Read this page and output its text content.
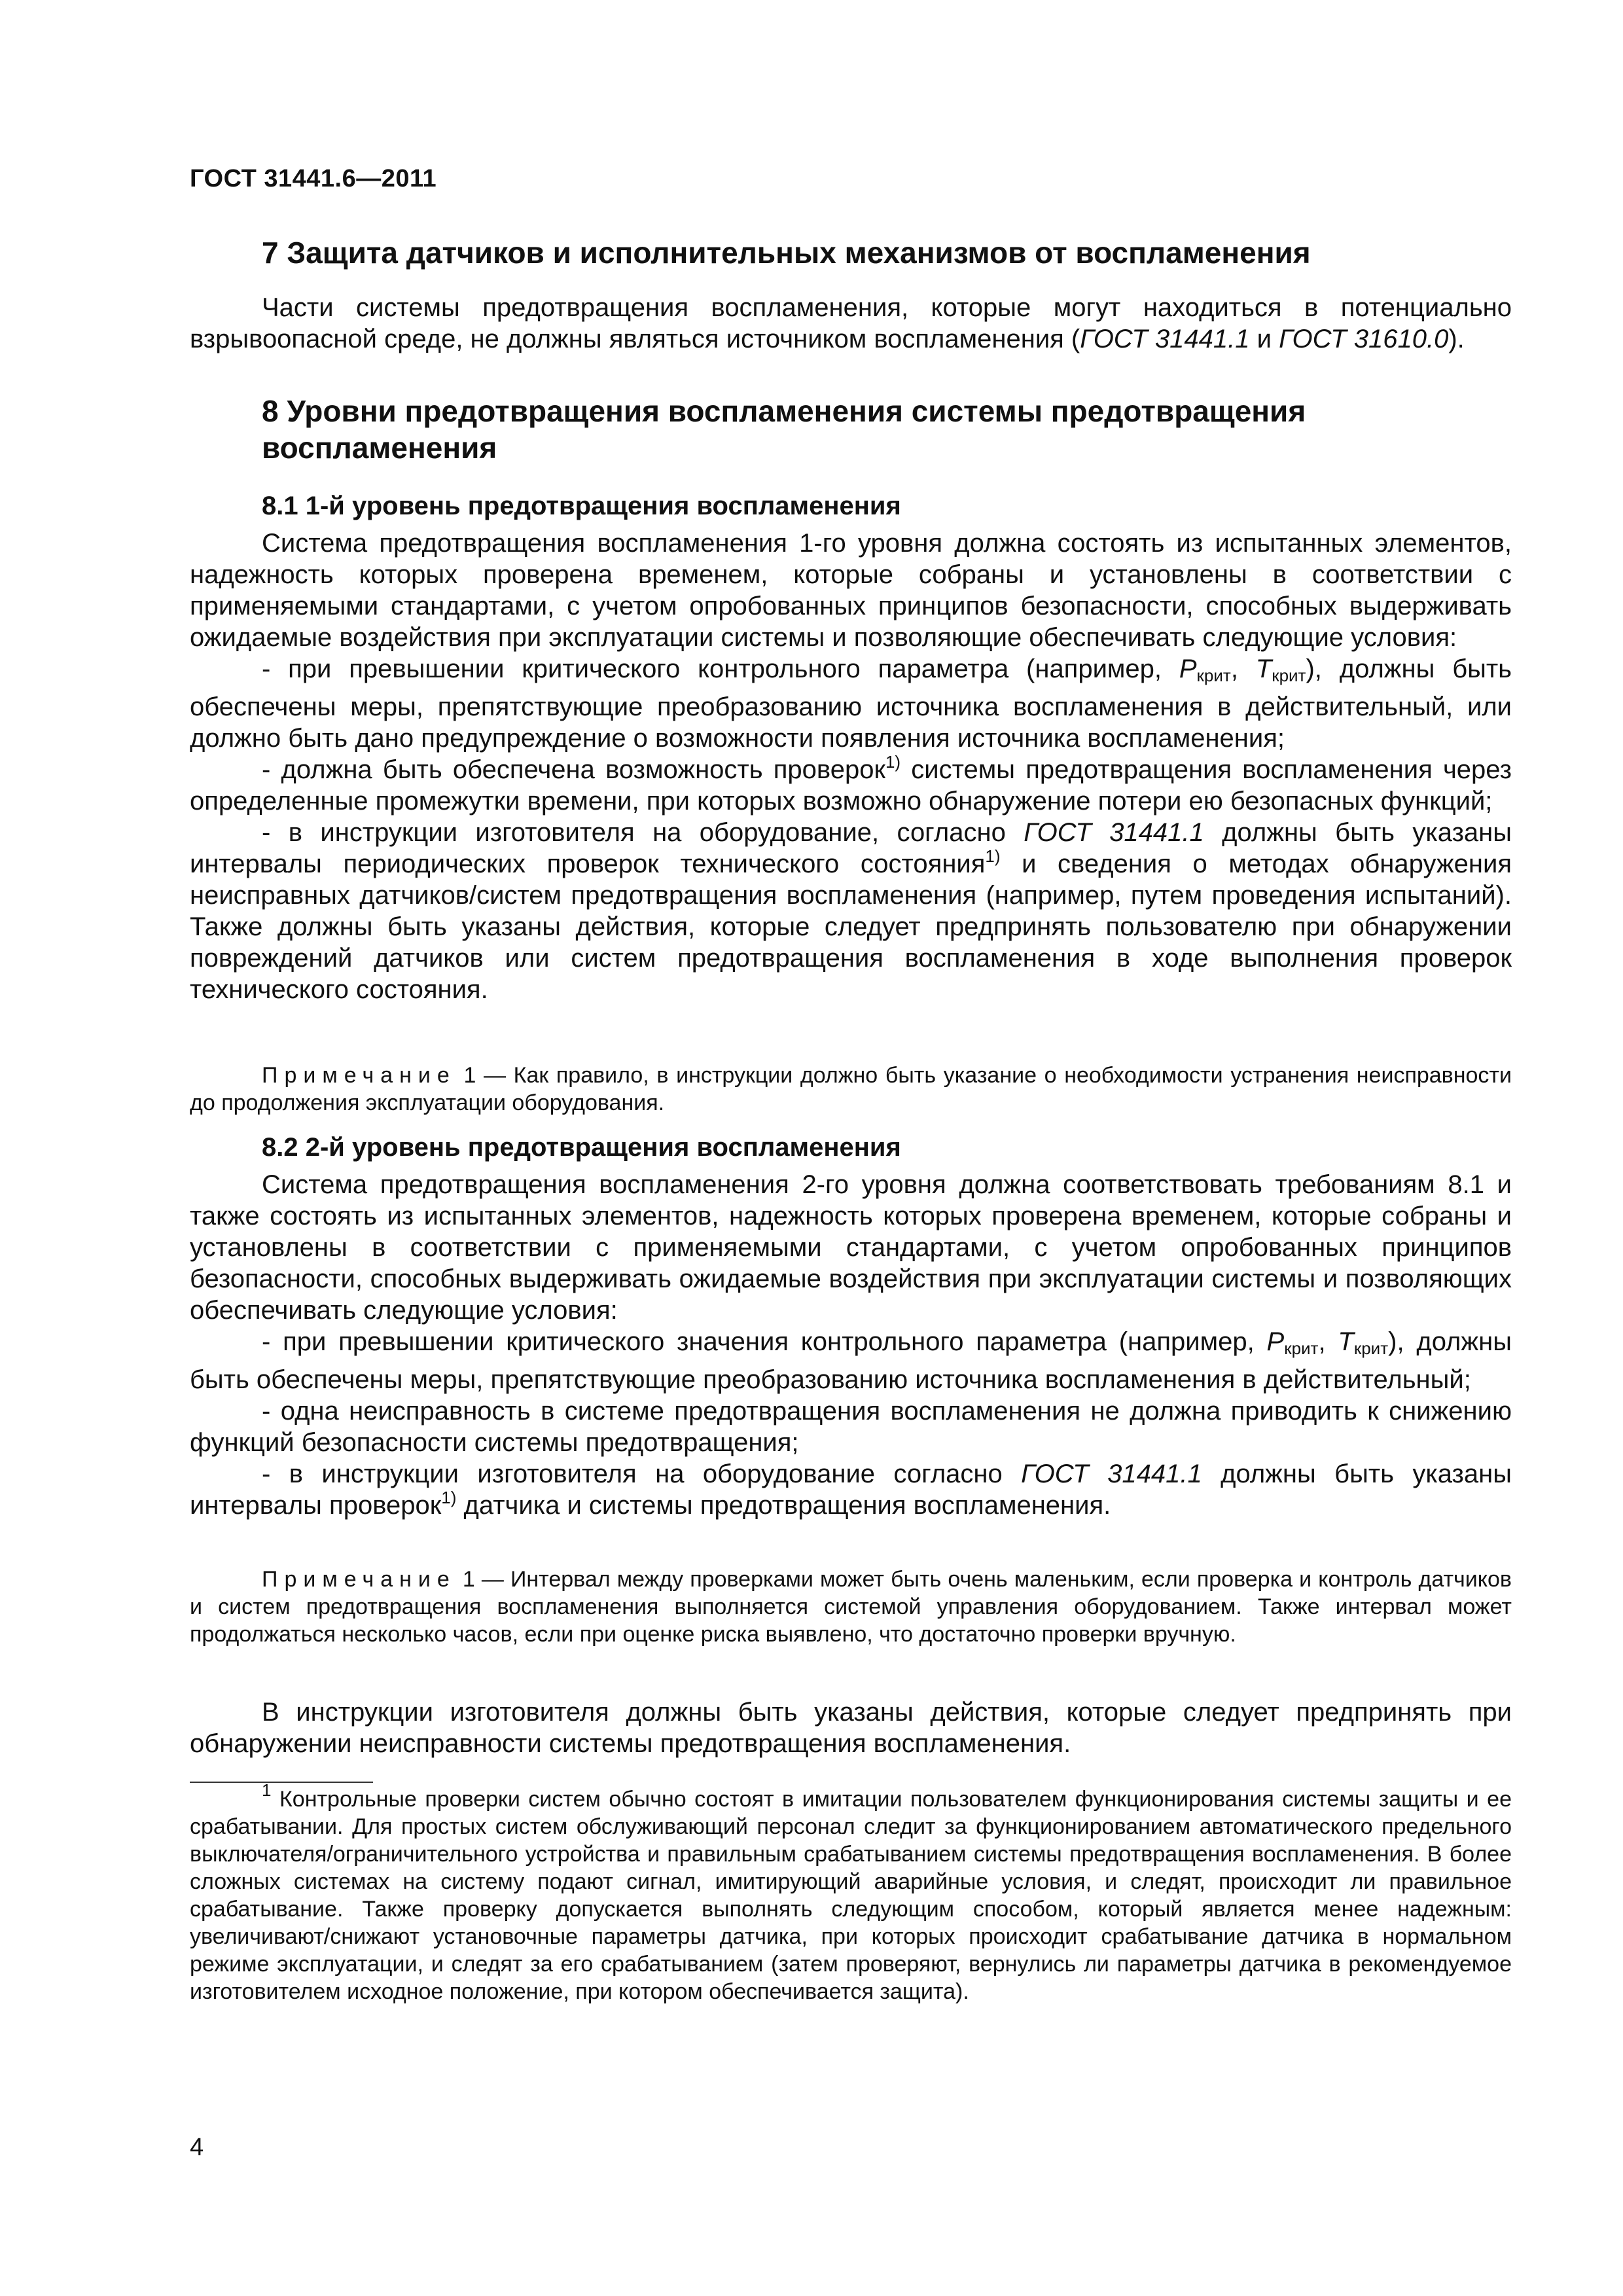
ГОСТ 31441.6—2011
7 Защита датчиков и исполнительных механизмов от воспламенения

Части системы предотвращения воспламенения, которые могут находиться в потенциально взрывоопасной среде, не должны являться источником воспламенения (ГОСТ 31441.1 и ГОСТ 31610.0).

8 Уровни предотвращения воспламенения системы предотвращения воспламенения
8.1 1-й уровень предотвращения воспламенения

Система предотвращения воспламенения 1-го уровня должна состоять из испытанных элементов, надежность которых проверена временем, которые собраны и установлены в соответствии с применяемыми стандартами, с учетом опробованных принципов безопасности, способных выдерживать ожидаемые воздействия при эксплуатации системы и позволяющие обеспечивать следующие условия:

- при превышении критического контрольного параметра (например, $P_{крит}$, $T_{крит}$), должны быть обеспечены меры, препятствующие преобразованию источника воспламенения в действительный, или должно быть дано предупреждение о возможности появления источника воспламенения;

- должна быть обеспечена возможность проверок$^{1)}$ системы предотвращения воспламенения через определенные промежутки времени, при которых возможно обнаружение потери ею безопасных функций;

- в инструкции изготовителя на оборудование, согласно ГОСТ 31441.1 должны быть указаны интервалы периодических проверок технического состояния$^{1)}$ и сведения о методах обнаружения неисправных датчиков/систем предотвращения воспламенения (например, путем проведения испытаний). Также должны быть указаны действия, которые следует предпринять пользователю при обнаружении повреждений датчиков или систем предотвращения воспламенения в ходе выполнения проверок технического состояния.

Примечание 1 — Как правило, в инструкции должно быть указание о необходимости устранения неисправности до продолжения эксплуатации оборудования.

8.2 2-й уровень предотвращения воспламенения

Система предотвращения воспламенения 2-го уровня должна соответствовать требованиям 8.1 и также состоять из испытанных элементов, надежность которых проверена временем, которые собраны и установлены в соответствии с применяемыми стандартами, с учетом опробованных принципов безопасности, способных выдерживать ожидаемые воздействия при эксплуатации системы и позволяющих обеспечивать следующие условия:

- при превышении критического значения контрольного параметра (например, $P_{крит}$, $T_{крит}$), должны быть обеспечены меры, препятствующие преобразованию источника воспламенения в действительный;

- одна неисправность в системе предотвращения воспламенения не должна приводить к снижению функций безопасности системы предотвращения;

- в инструкции изготовителя на оборудование согласно ГОСТ 31441.1 должны быть указаны интервалы проверок$^{1)}$ датчика и системы предотвращения воспламенения.

Примечание 1 — Интервал между проверками может быть очень маленьким, если проверка и контроль датчиков и систем предотвращения воспламенения выполняется системой управления оборудованием. Также интервал может продолжаться несколько часов, если при оценке риска выявлено, что достаточно проверки вручную.

В инструкции изготовителя должны быть указаны действия, которые следует предпринять при обнаружении неисправности системы предотвращения воспламенения.

$^1$ Контрольные проверки систем обычно состоят в имитации пользователем функционирования системы защиты и ее срабатывании. Для простых систем обслуживающий персонал следит за функционированием автоматического предельного выключателя/ограничительного устройства и правильным срабатыванием системы предотвращения воспламенения. В более сложных системах на систему подают сигнал, имитирующий аварийные условия, и следят, происходит ли правильное срабатывание. Также проверку допускается выполнять следующим способом, который является менее надежным: увеличивают/снижают установочные параметры датчика, при которых происходит срабатывание датчика в нормальном режиме эксплуатации, и следят за его срабатыванием (затем проверяют, вернулись ли параметры датчика в рекомендуемое изготовителем исходное положение, при котором обеспечивается защита).

4
